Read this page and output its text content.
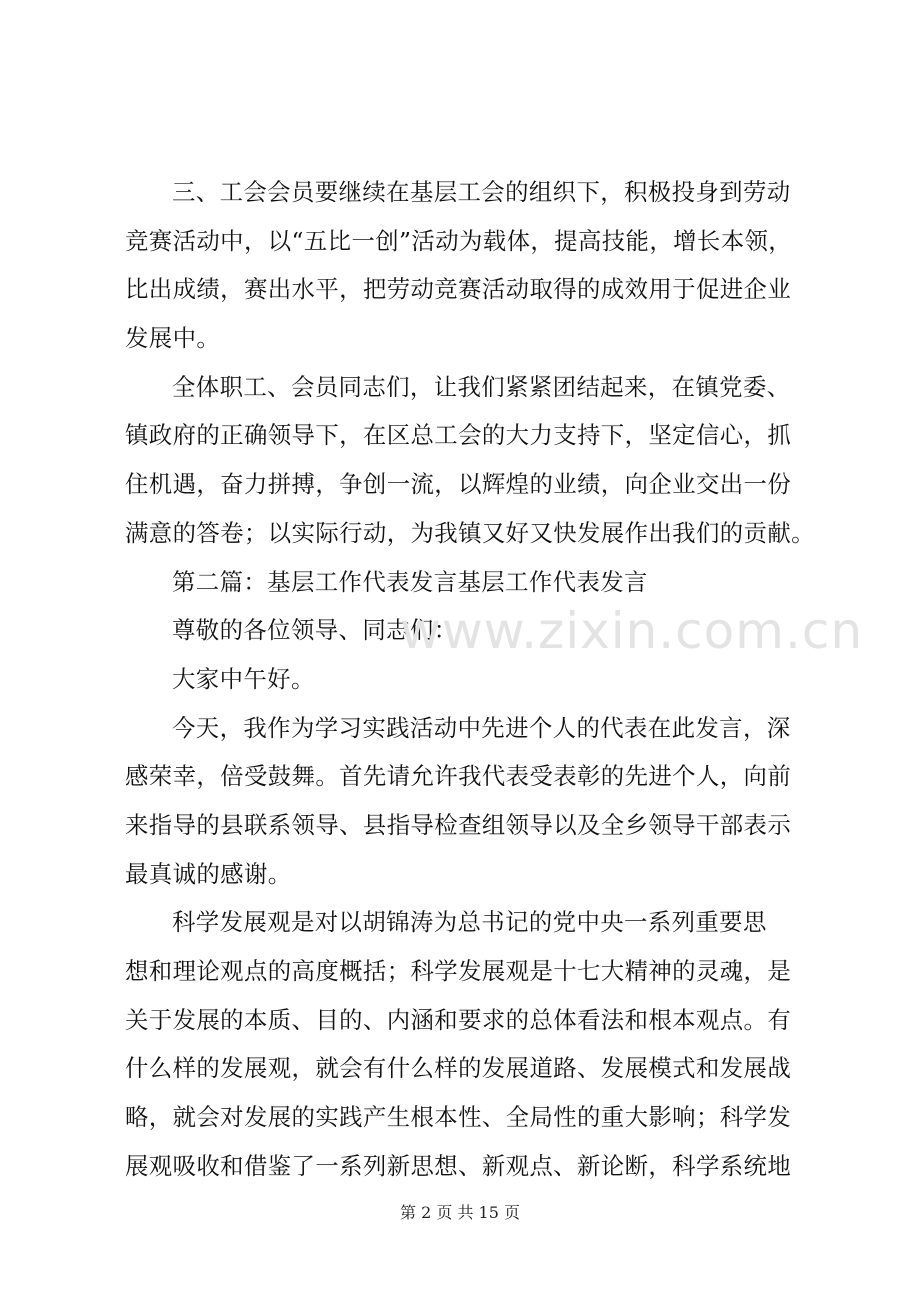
三、工会会员要继续在基层工会的组织下，积极投身到劳动
竞赛活动中，以“五比一创”活动为载体，提高技能，增长本领，
比出成绩，赛出水平，把劳动竞赛活动取得的成效用于促进企业
发展中。
全体职工、会员同志们，让我们紧紧团结起来，在镇党委、
镇政府的正确领导下，在区总工会的大力支持下，坚定信心，抓
住机遇，奋力拼搏，争创一流，以辉煌的业绩，向企业交出一份
满意的答卷；以实际行动，为我镇又好又快发展作出我们的贡献。
第二篇：基层工作代表发言基层工作代表发言
尊敬的各位领导、同志们：
大家中午好。
今天，我作为学习实践活动中先进个人的代表在此发言，深
感荣幸，倍受鼓舞。首先请允许我代表受表彰的先进个人，向前
来指导的县联系领导、县指导检查组领导以及全乡领导干部表示
最真诚的感谢。
科学发展观是对以胡锦涛为总书记的党中央一系列重要思
想和理论观点的高度概括；科学发展观是十七大精神的灵魂，是
关于发展的本质、目的、内涵和要求的总体看法和根本观点。有
什么样的发展观，就会有什么样的发展道路、发展模式和发展战
略，就会对发展的实践产生根本性、全局性的重大影响；科学发
展观吸收和借鉴了一系列新思想、新观点、新论断，科学系统地
www.zixin.com.cn
第 2 页 共 15 页
